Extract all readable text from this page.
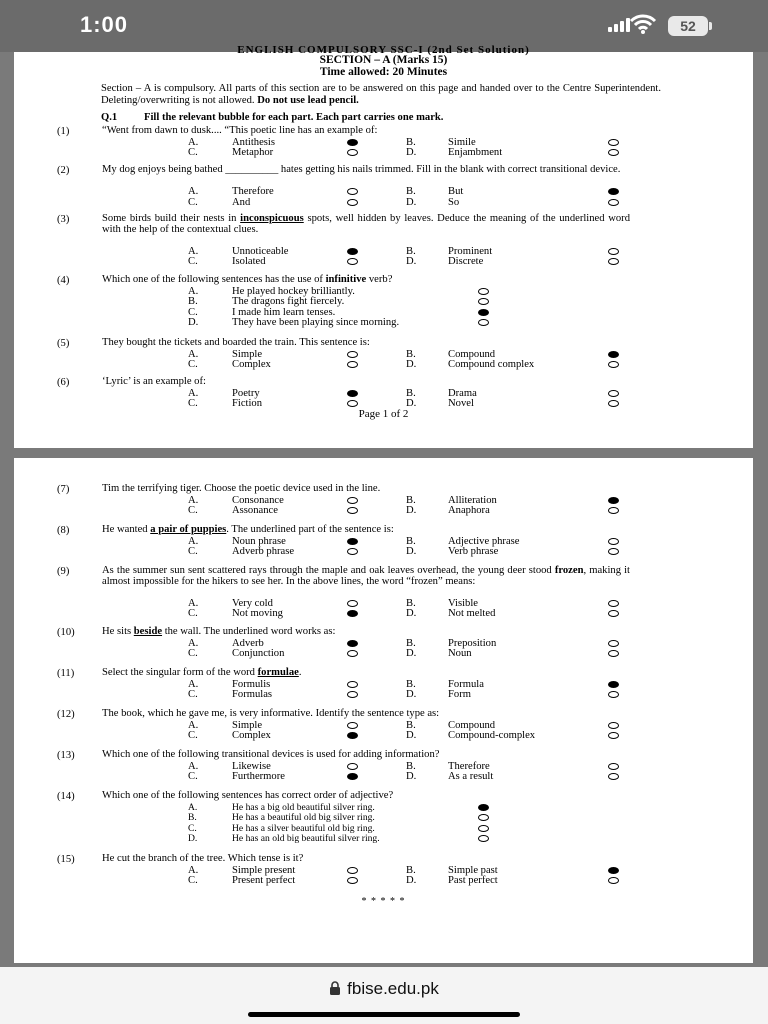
1:00	52
ENGLISH COMPULSORY SSC-I (2nd Set Solution)
SECTION – A (Marks 15)
Time allowed: 20 Minutes
Section – A is compulsory. All parts of this section are to be answered on this page and handed over to the Centre Superintendent. Deleting/overwriting is not allowed. Do not use lead pencil.
Q.1	Fill the relevant bubble for each part. Each part carries one mark.
(1)	“Went from dawn to dusk.... “This poetic line has an example of:
A.	Antithesis	B.	Simile
C.	Metaphor	D.	Enjambment
(2)	My dog enjoys being bathed __________ hates getting his nails trimmed. Fill in the blank with correct transitional device.
A.	Therefore	B.	But
C.	And	D.	So
(3)	Some birds build their nests in inconspicuous spots, well hidden by leaves. Deduce the meaning of the underlined word with the help of the contextual clues.
A.	Unnoticeable	B.	Prominent
C.	Isolated	D.	Discrete
(4)	Which one of the following sentences has the use of infinitive verb?
A.	He played hockey brilliantly.
B.	The dragons fight fiercely.
C.	I made him learn tenses.
D.	They have been playing since morning.
(5)	They bought the tickets and boarded the train. This sentence is:
A.	Simple	B.	Compound
C.	Complex	D.	Compound complex
(6)	‘Lyric’ is an example of:
A.	Poetry	B.	Drama
C.	Fiction	D.	Novel
Page 1 of 2
(7)	Tim the terrifying tiger. Choose the poetic device used in the line.
A.	Consonance	B.	Alliteration
C.	Assonance	D.	Anaphora
(8)	He wanted a pair of puppies. The underlined part of the sentence is:
A.	Noun phrase	B.	Adjective phrase
C.	Adverb phrase	D.	Verb phrase
(9)	As the summer sun sent scattered rays through the maple and oak leaves overhead, the young deer stood frozen, making it almost impossible for the hikers to see her. In the above lines, the word “frozen” means:
A.	Very cold	B.	Visible
C.	Not moving	D.	Not melted
(10)	He sits beside the wall. The underlined word works as:
A.	Adverb	B.	Preposition
C.	Conjunction	D.	Noun
(11)	Select the singular form of the word formulae.
A.	Formulis	B.	Formula
C.	Formulas	D.	Form
(12)	The book, which he gave me, is very informative. Identify the sentence type as:
A.	Simple	B.	Compound
C.	Complex	D.	Compound-complex
(13)	Which one of the following transitional devices is used for adding information?
A.	Likewise	B.	Therefore
C.	Furthermore	D.	As a result
(14)	Which one of the following sentences has correct order of adjective?
A.	He has a big old beautiful silver ring.
B.	He has a beautiful old big silver ring.
C.	He has a silver beautiful old big ring.
D.	He has an old big beautiful silver ring.
(15)	He cut the branch of the tree. Which tense is it?
A.	Simple present	B.	Simple past
C.	Present perfect	D.	Past perfect
* * * * *
fbise.edu.pk
